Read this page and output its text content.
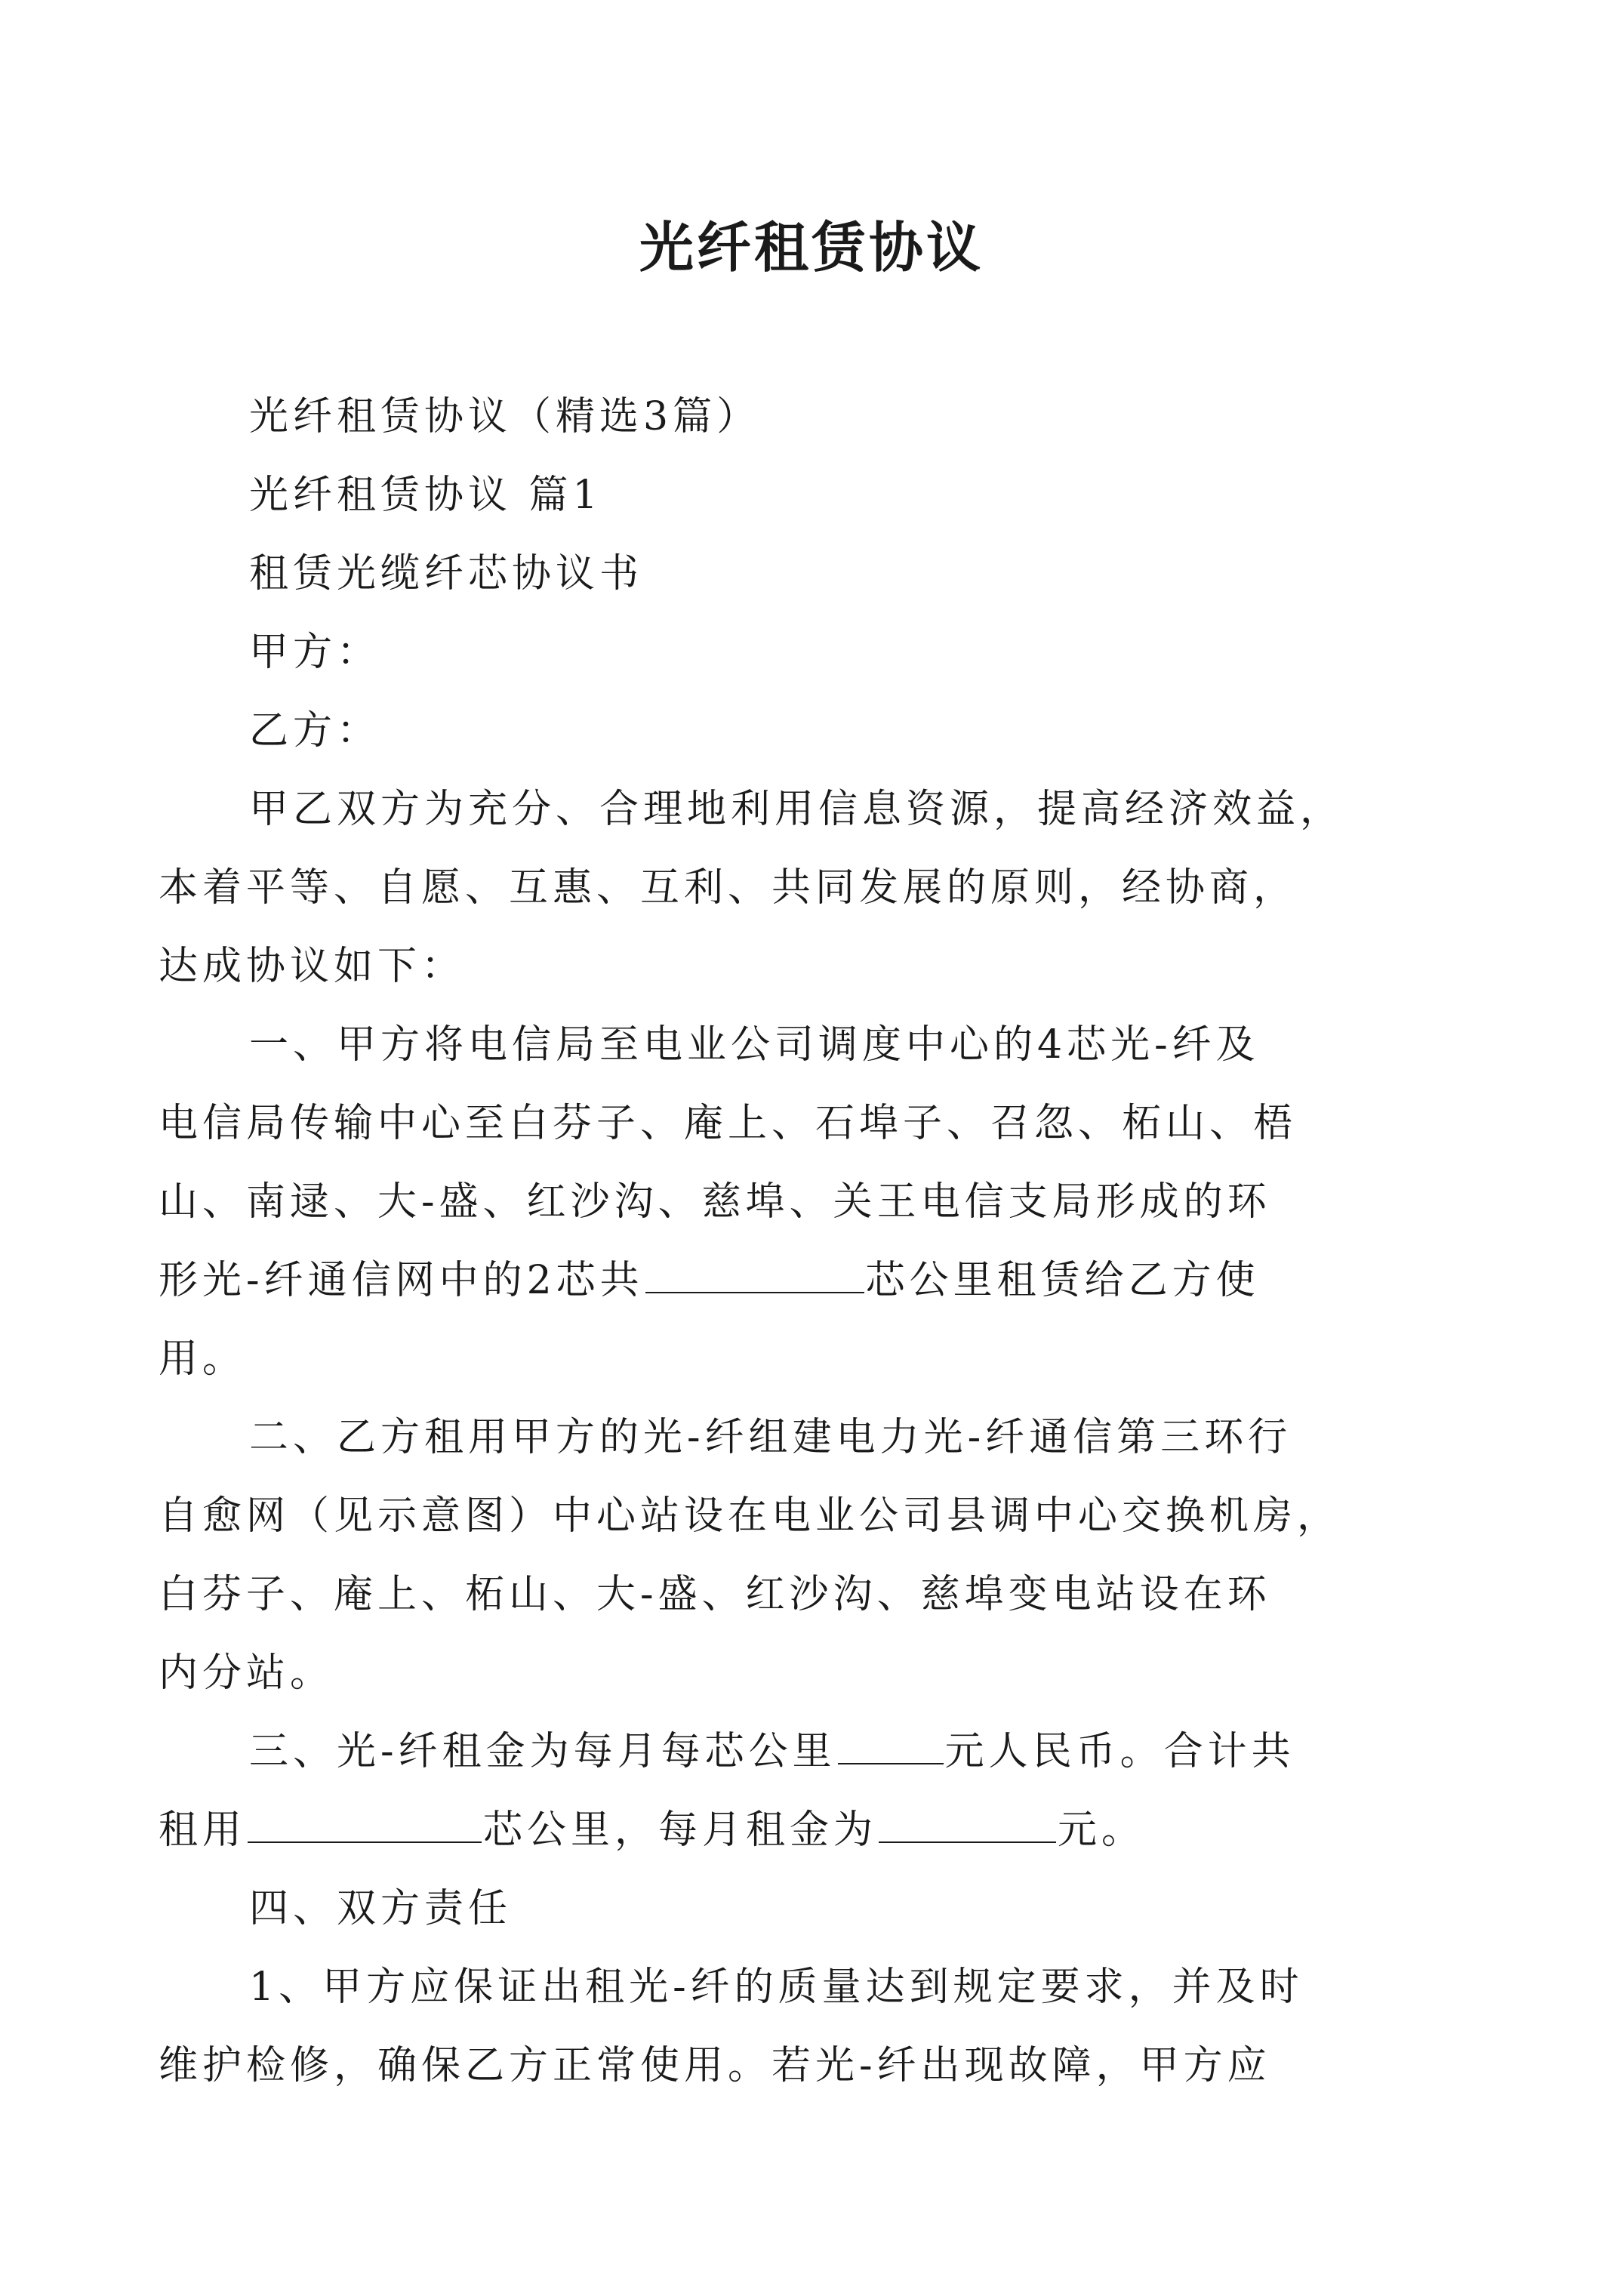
光纤租赁协议

光纤租赁协议（精选3篇）

光纤租赁协议 篇1

租赁光缆纤芯协议书

甲方：

乙方：

甲乙双方为充分、合理地利用信息资源，提高经济效益，

本着平等、自愿、互惠、互利、共同发展的原则，经协商，

达成协议如下：

一、甲方将电信局至电业公司调度中心的4芯光-纤及

电信局传输中心至白芬子、庵上、石埠子、召忽、柘山、梧

山、南逯、大-盛、红沙沟、慈埠、关王电信支局形成的环

形光-纤通信网中的2芯共	芯公里租赁给乙方使

用。

二、乙方租用甲方的光-纤组建电力光-纤通信第三环行

自愈网（见示意图）中心站设在电业公司县调中心交换机房，

白芬子、庵上、柘山、大-盛、红沙沟、慈埠变电站设在环

内分站。

三、光-纤租金为每月每芯公里	元人民币。合计共

租用	芯公里，每月租金为	元。

四、双方责任

1、甲方应保证出租光-纤的质量达到规定要求，并及时

维护检修，确保乙方正常使用。若光-纤出现故障，甲方应
